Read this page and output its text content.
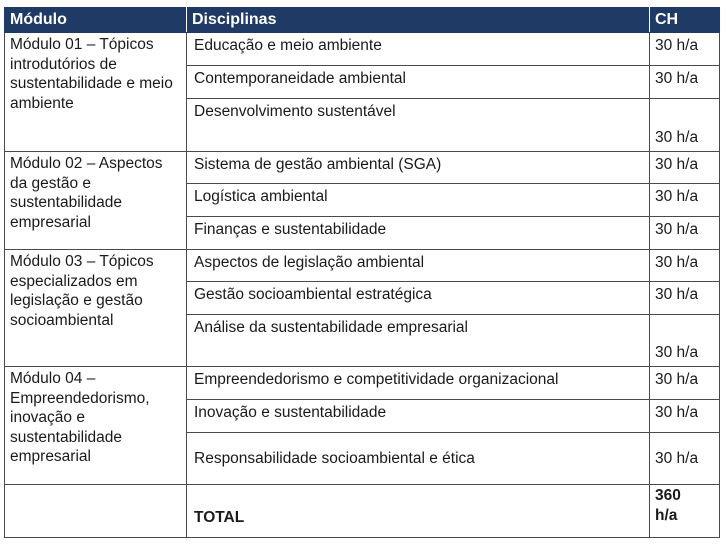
Módulo	Disciplinas	CH
Módulo 01 – Tópicos introdutórios de sustentabilidade e meio ambiente	Educação e meio ambiente	30 h/a
	Contemporaneidade ambiental	30 h/a
	Desenvolvimento sustentável	30 h/a
Módulo 02 – Aspectos da gestão e sustentabilidade empresarial	Sistema de gestão ambiental (SGA)	30 h/a
	Logística ambiental	30 h/a
	Finanças e sustentabilidade	30 h/a
Módulo 03 – Tópicos especializados em legislação e gestão socioambiental	Aspectos de legislação ambiental	30 h/a
	Gestão socioambiental estratégica	30 h/a
	Análise da sustentabilidade empresarial	30 h/a
Módulo 04 – Empreendedorismo, inovação e sustentabilidade empresarial	Empreendedorismo e competitividade organizacional	30 h/a
	Inovação e sustentabilidade	30 h/a
	Responsabilidade socioambiental e ética	30 h/a
	TOTAL	360 h/a
